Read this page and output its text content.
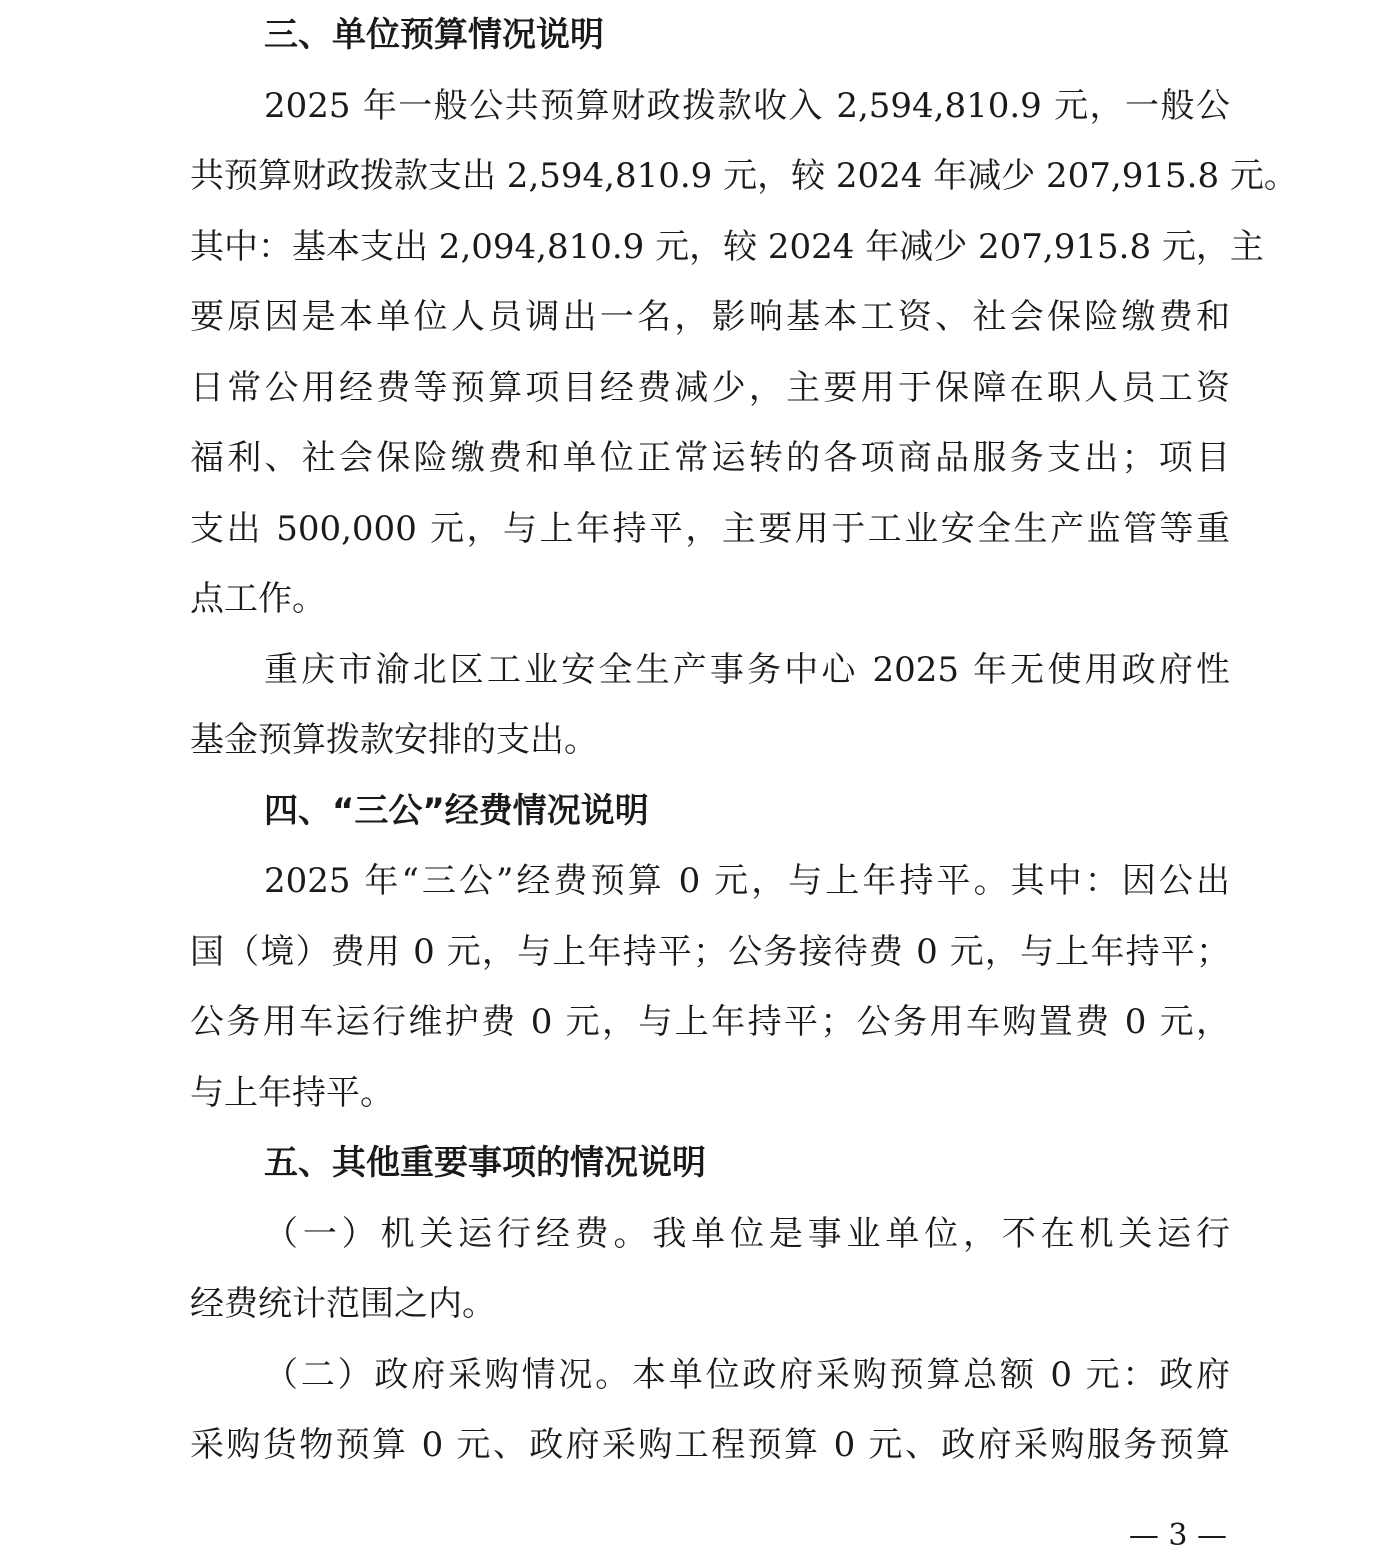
三、单位预算情况说明
2025 年一般公共预算财政拨款收入 2,594,810.9 元，一般公
共预算财政拨款支出 2,594,810.9 元，较 2024 年减少 207,915.8 元。
其中：基本支出 2,094,810.9 元，较 2024 年减少 207,915.8 元，主
要原因是本单位人员调出一名，影响基本工资、社会保险缴费和
日常公用经费等预算项目经费减少，主要用于保障在职人员工资
福利、社会保险缴费和单位正常运转的各项商品服务支出；项目
支出 500,000 元，与上年持平，主要用于工业安全生产监管等重
点工作。
重庆市渝北区工业安全生产事务中心 2025 年无使用政府性
基金预算拨款安排的支出。
四、“三公”经费情况说明
2025 年“三公”经费预算 0 元，与上年持平。其中：因公出
国（境）费用 0 元，与上年持平；公务接待费 0 元，与上年持平；
公务用车运行维护费 0 元，与上年持平；公务用车购置费 0 元，
与上年持平。
五、其他重要事项的情况说明
（一）机关运行经费。我单位是事业单位，不在机关运行
经费统计范围之内。
（二）政府采购情况。本单位政府采购预算总额 0 元：政府
采购货物预算 0 元、政府采购工程预算 0 元、政府采购服务预算
— 3 —
